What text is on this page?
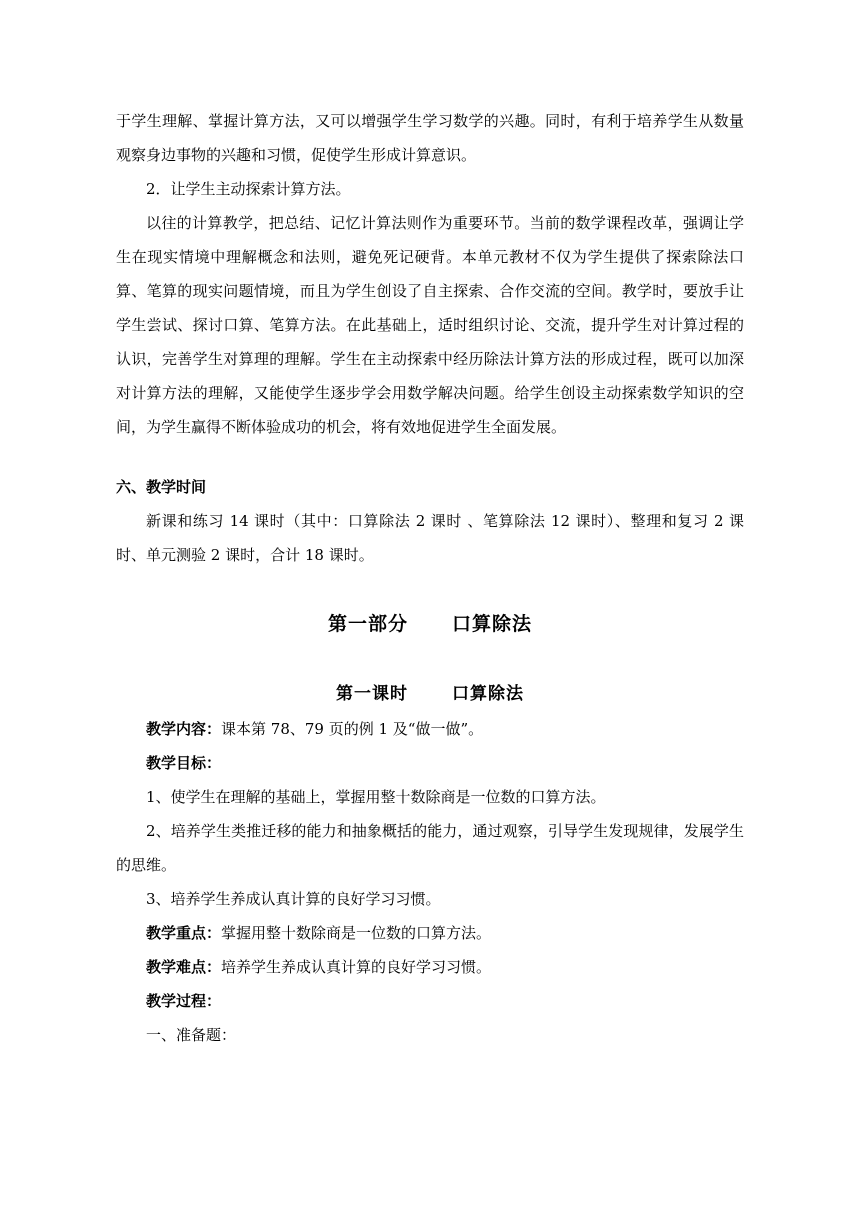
于学生理解、掌握计算方法，又可以增强学生学习数学的兴趣。同时，有利于培养学生从数量观察身边事物的兴趣和习惯，促使学生形成计算意识。

2．让学生主动探索计算方法。

以往的计算教学，把总结、记忆计算法则作为重要环节。当前的数学课程改革，强调让学生在现实情境中理解概念和法则，避免死记硬背。本单元教材不仅为学生提供了探索除法口算、笔算的现实问题情境，而且为学生创设了自主探索、合作交流的空间。教学时，要放手让学生尝试、探讨口算、笔算方法。在此基础上，适时组织讨论、交流，提升学生对计算过程的认识，完善学生对算理的理解。学生在主动探索中经历除法计算方法的形成过程，既可以加深对计算方法的理解，又能使学生逐步学会用数学解决问题。给学生创设主动探索数学知识的空间，为学生赢得不断体验成功的机会，将有效地促进学生全面发展。

六、教学时间

新课和练习 14 课时（其中：口算除法 2 课时 、笔算除法 12 课时）、整理和复习 2 课时、单元测验 2 课时，合计 18 课时。

第一部分 口算除法

第一课时	口算除法

教学内容：课本第 78、79 页的例 1 及“做一做”。

教学目标：

1、使学生在理解的基础上，掌握用整十数除商是一位数的口算方法。

2、培养学生类推迁移的能力和抽象概括的能力，通过观察，引导学生发现规律，发展学生的思维。

3、培养学生养成认真计算的良好学习习惯。

教学重点：掌握用整十数除商是一位数的口算方法。

教学难点：培养学生养成认真计算的良好学习习惯。

教学过程：

一、准备题：
